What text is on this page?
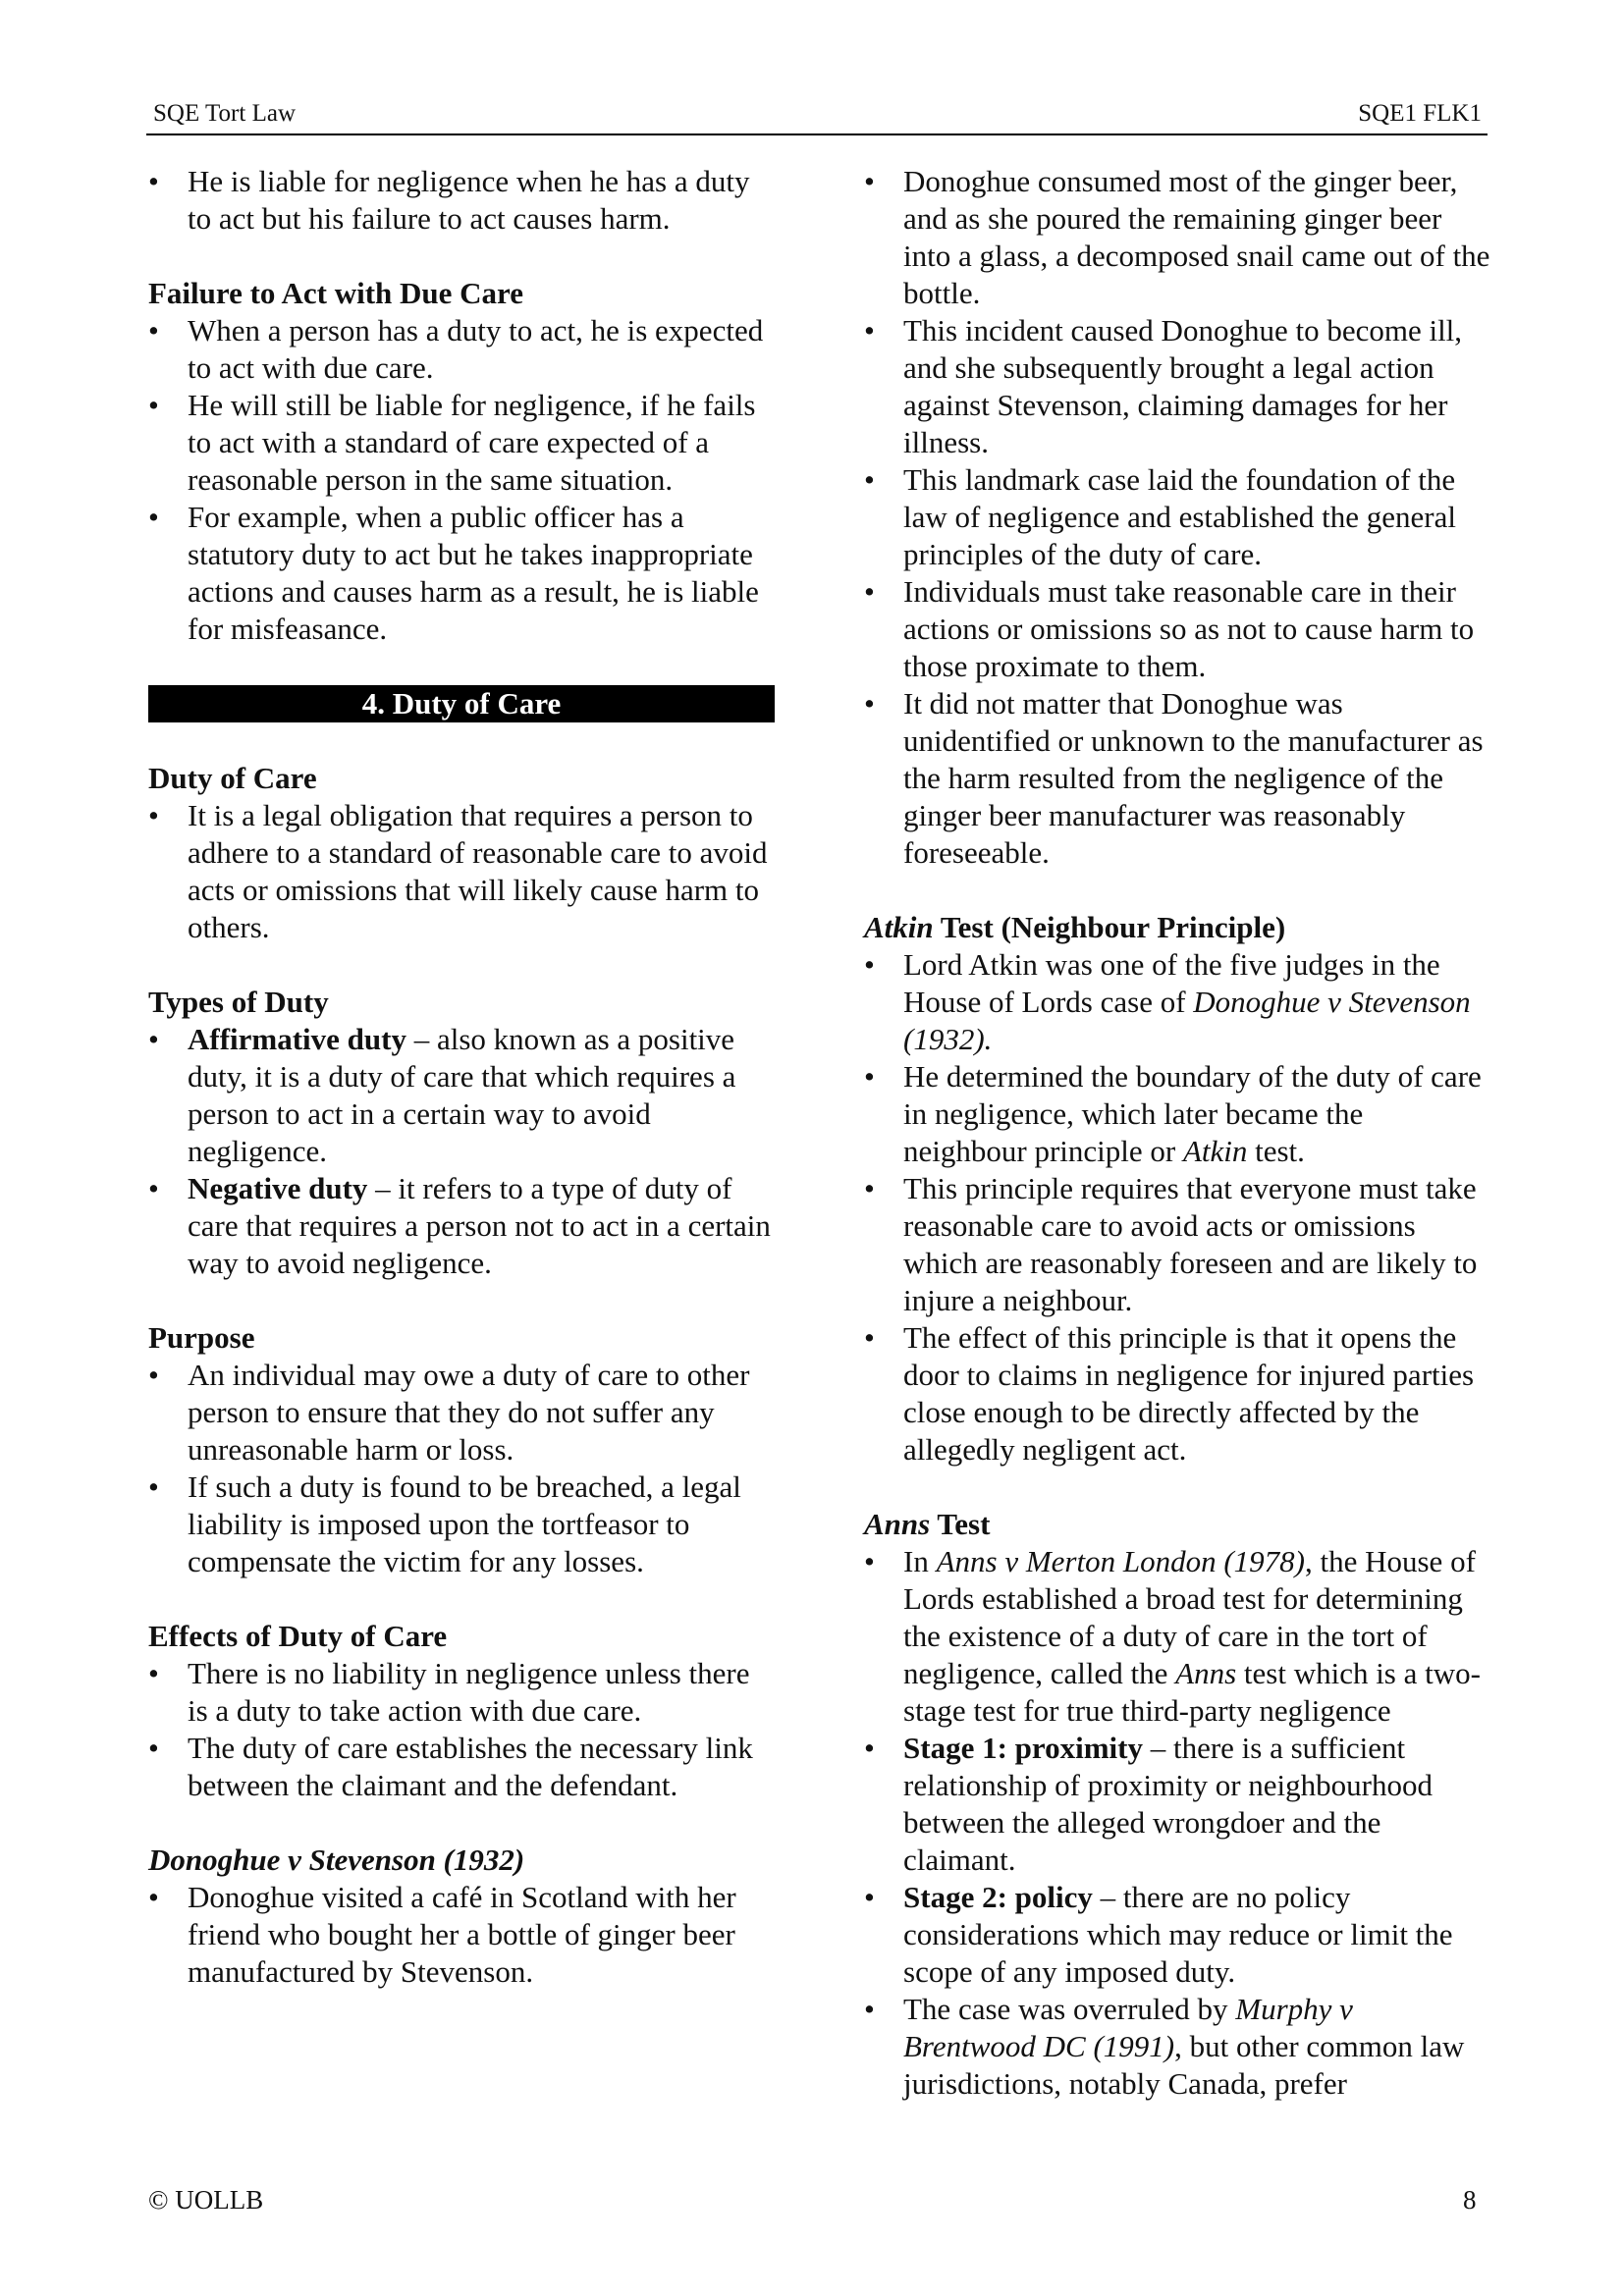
SQE Tort Law	SQE1 FLK1
• He is liable for negligence when he has a duty to act but his failure to act causes harm.

Failure to Act with Due Care

• When a person has a duty to act, he is expected to act with due care.
• He will still be liable for negligence, if he fails to act with a standard of care expected of a reasonable person in the same situation.
• For example, when a public officer has a statutory duty to act but he takes inappropriate actions and causes harm as a result, he is liable for misfeasance.
4. Duty of Care

Duty of Care

• It is a legal obligation that requires a person to adhere to a standard of reasonable care to avoid acts or omissions that will likely cause harm to others.

Types of Duty

• Affirmative duty – also known as a positive duty, it is a duty of care that which requires a person to act in a certain way to avoid negligence.
• Negative duty – it refers to a type of duty of care that requires a person not to act in a certain way to avoid negligence.

Purpose

• An individual may owe a duty of care to other person to ensure that they do not suffer any unreasonable harm or loss.
• If such a duty is found to be breached, a legal liability is imposed upon the tortfeasor to compensate the victim for any losses.

Effects of Duty of Care

• There is no liability in negligence unless there is a duty to take action with due care.
• The duty of care establishes the necessary link between the claimant and the defendant.

Donoghue v Stevenson (1932)

• Donoghue visited a café in Scotland with her friend who bought her a bottle of ginger beer manufactured by Stevenson.
• Donoghue consumed most of the ginger beer, and as she poured the remaining ginger beer into a glass, a decomposed snail came out of the bottle.
• This incident caused Donoghue to become ill, and she subsequently brought a legal action against Stevenson, claiming damages for her illness.
• This landmark case laid the foundation of the law of negligence and established the general principles of the duty of care.
• Individuals must take reasonable care in their actions or omissions so as not to cause harm to those proximate to them.
• It did not matter that Donoghue was unidentified or unknown to the manufacturer as the harm resulted from the negligence of the ginger beer manufacturer was reasonably foreseeable.

Atkin Test (Neighbour Principle)

• Lord Atkin was one of the five judges in the House of Lords case of Donoghue v Stevenson (1932).
• He determined the boundary of the duty of care in negligence, which later became the neighbour principle or Atkin test.
• This principle requires that everyone must take reasonable care to avoid acts or omissions which are reasonably foreseen and are likely to injure a neighbour.
• The effect of this principle is that it opens the door to claims in negligence for injured parties close enough to be directly affected by the allegedly negligent act.

Anns Test

• In Anns v Merton London (1978), the House of Lords established a broad test for determining the existence of a duty of care in the tort of negligence, called the Anns test which is a two-stage test for true third-party negligence
• Stage 1: proximity – there is a sufficient relationship of proximity or neighbourhood between the alleged wrongdoer and the claimant.
• Stage 2: policy – there are no policy considerations which may reduce or limit the scope of any imposed duty.
• The case was overruled by Murphy v Brentwood DC (1991), but other common law jurisdictions, notably Canada, prefer
© UOLLB	8
